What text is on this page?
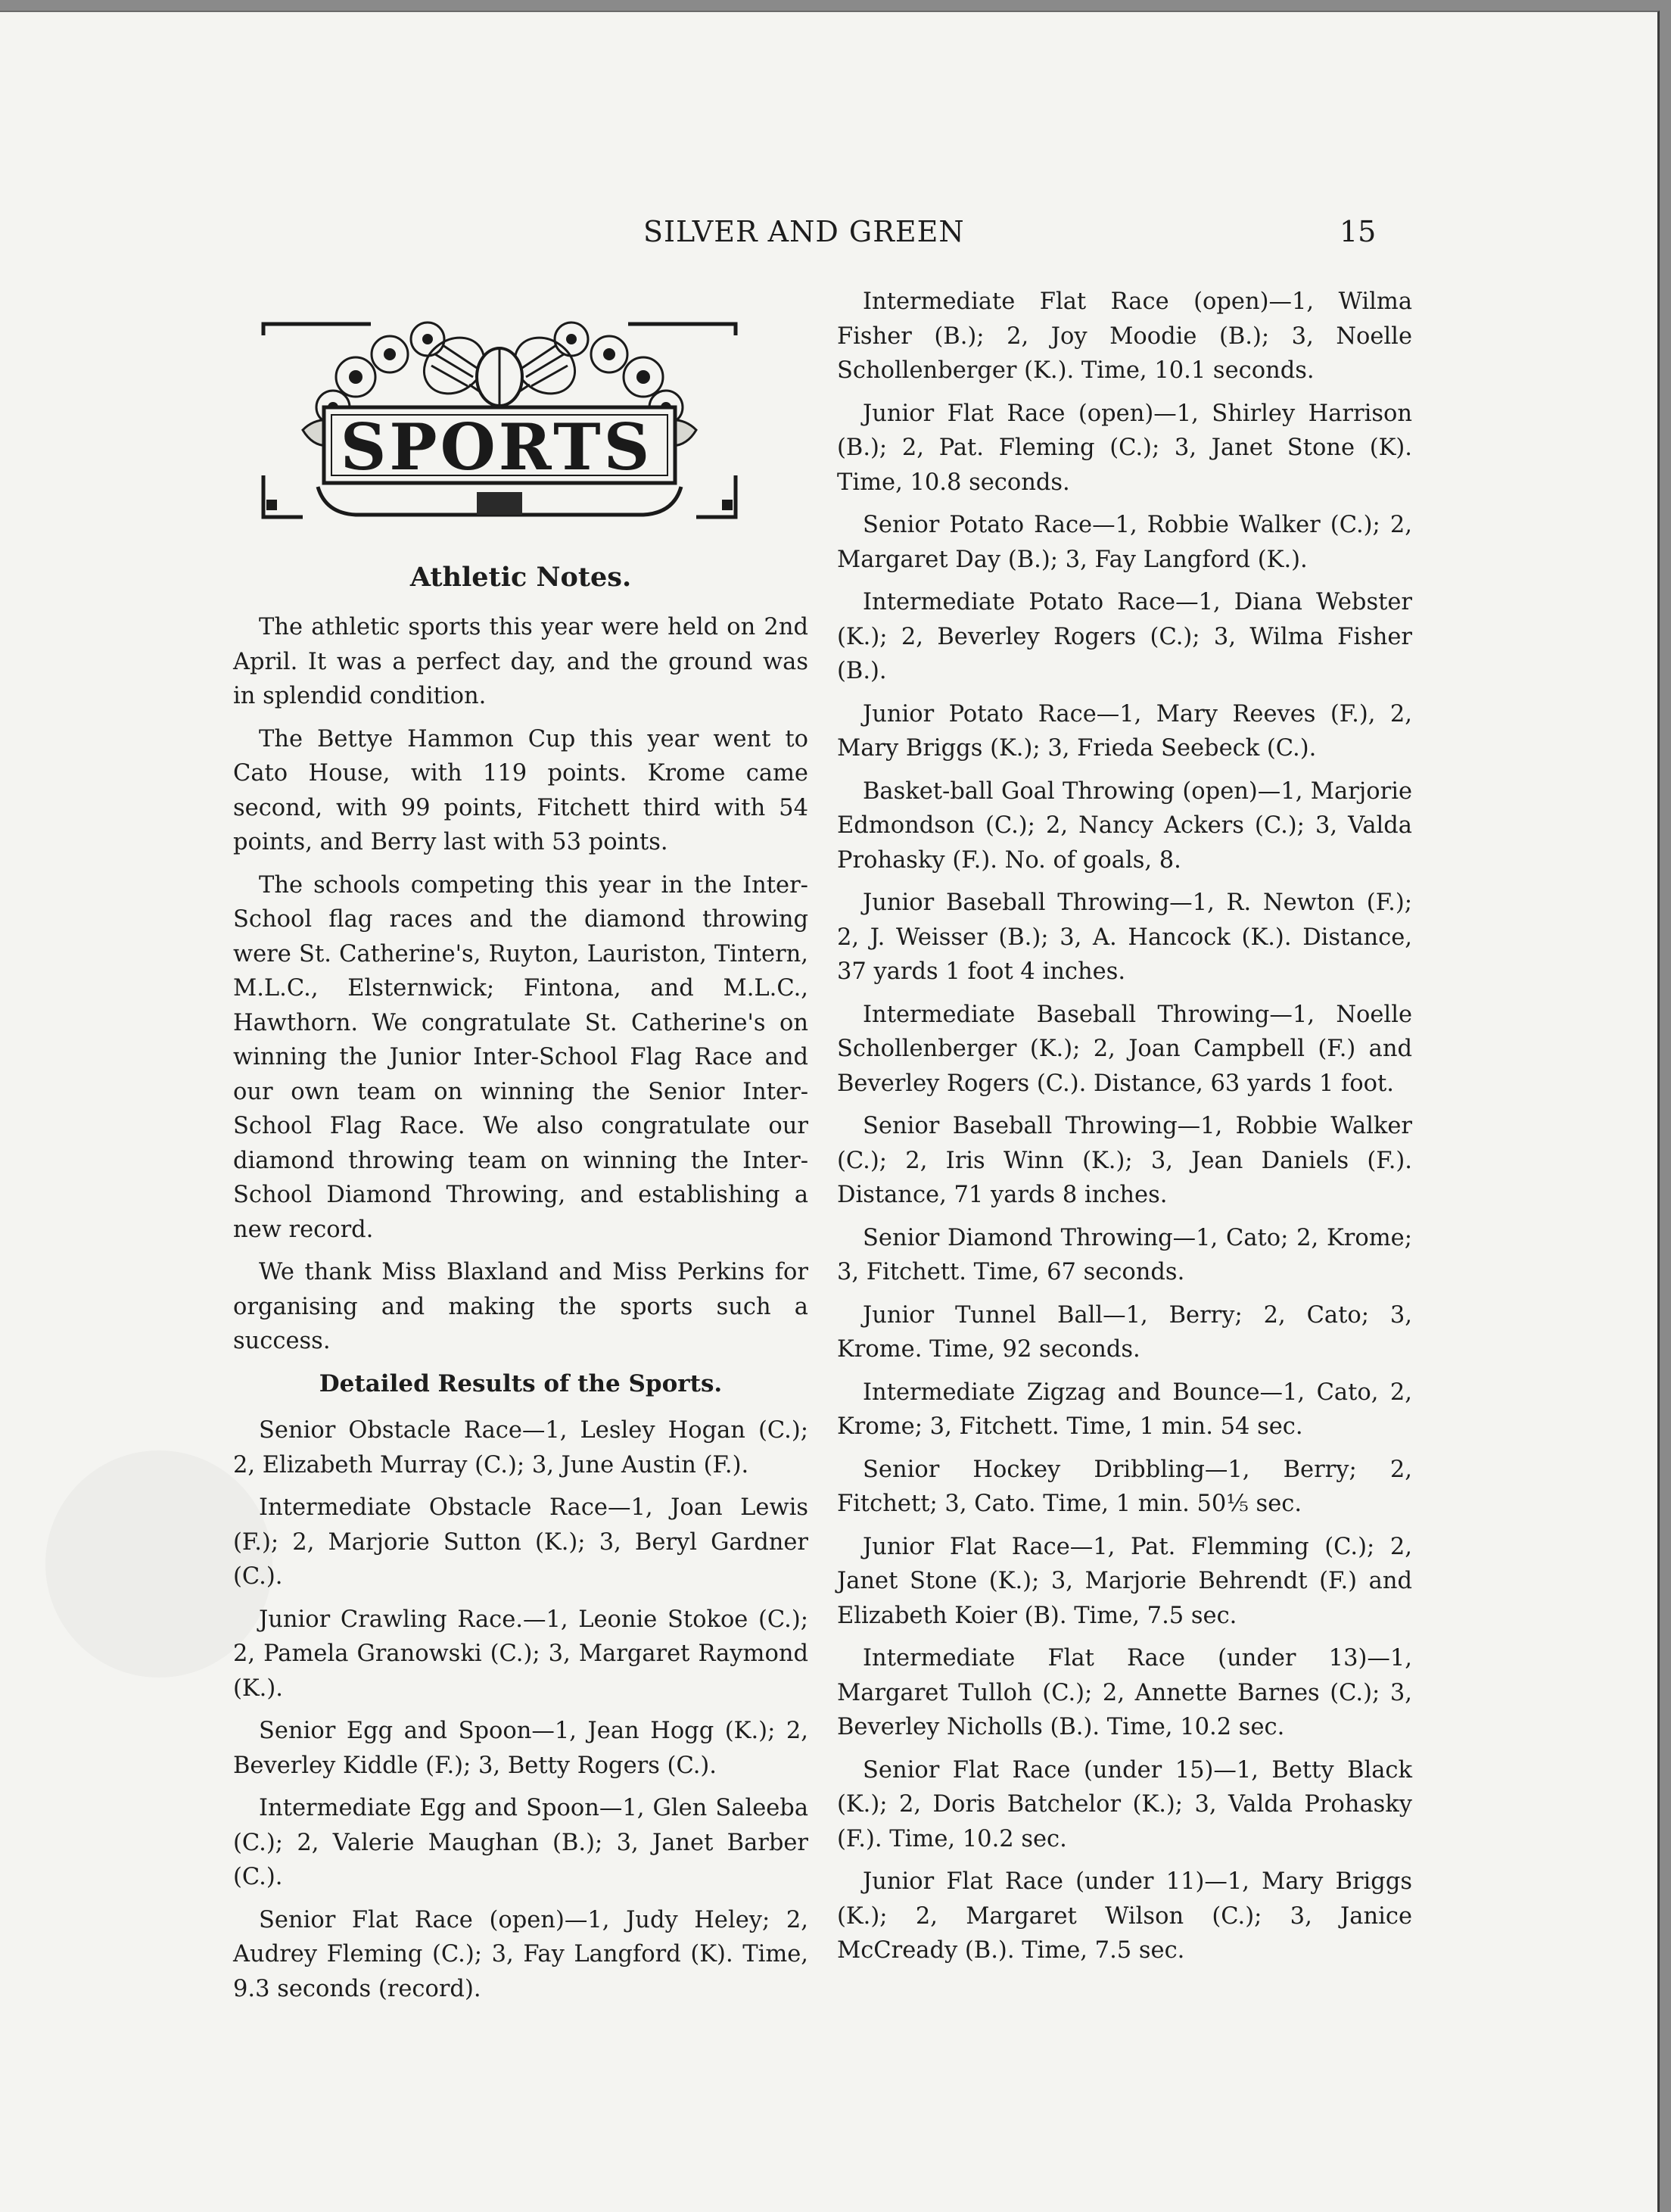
SILVER AND GREEN	15
SPORTS
Athletic Notes.

The athletic sports this year were held on 2nd April. It was a perfect day, and the ground was in splendid condition.

The Bettye Hammon Cup this year went to Cato House, with 119 points. Krome came second, with 99 points, Fitchett third with 54 points, and Berry last with 53 points.

The schools competing this year in the Inter-School flag races and the diamond throwing were St. Catherine's, Ruyton, Lauriston, Tintern, M.L.C., Elsternwick; Fintona, and M.L.C., Hawthorn. We congratulate St. Catherine's on winning the Junior Inter-School Flag Race and our own team on winning the Senior Inter-School Flag Race. We also congratulate our diamond throwing team on winning the Inter-School Diamond Throwing, and establishing a new record.

We thank Miss Blaxland and Miss Perkins for organising and making the sports such a success.

Detailed Results of the Sports.

Senior Obstacle Race—1, Lesley Hogan (C.); 2, Elizabeth Murray (C.); 3, June Austin (F.).

Intermediate Obstacle Race—1, Joan Lewis (F.); 2, Marjorie Sutton (K.); 3, Beryl Gardner (C.).

Junior Crawling Race.—1, Leonie Stokoe (C.); 2, Pamela Granowski (C.); 3, Margaret Raymond (K.).

Senior Egg and Spoon—1, Jean Hogg (K.); 2, Beverley Kiddle (F.); 3, Betty Rogers (C.).

Intermediate Egg and Spoon—1, Glen Saleeba (C.); 2, Valerie Maughan (B.); 3, Janet Barber (C.).

Senior Flat Race (open)—1, Judy Heley; 2, Audrey Fleming (C.); 3, Fay Langford (K). Time, 9.3 seconds (record).

Intermediate Flat Race (open)—1, Wilma Fisher (B.); 2, Joy Moodie (B.); 3, Noelle Schollenberger (K.). Time, 10.1 seconds.

Junior Flat Race (open)—1, Shirley Harrison (B.); 2, Pat. Fleming (C.); 3, Janet Stone (K). Time, 10.8 seconds.

Senior Potato Race—1, Robbie Walker (C.); 2, Margaret Day (B.); 3, Fay Langford (K.).

Intermediate Potato Race—1, Diana Webster (K.); 2, Beverley Rogers (C.); 3, Wilma Fisher (B.).

Junior Potato Race—1, Mary Reeves (F.), 2, Mary Briggs (K.); 3, Frieda Seebeck (C.).

Basket-ball Goal Throwing (open)—1, Marjorie Edmondson (C.); 2, Nancy Ackers (C.); 3, Valda Prohasky (F.). No. of goals, 8.

Junior Baseball Throwing—1, R. Newton (F.); 2, J. Weisser (B.); 3, A. Hancock (K.). Distance, 37 yards 1 foot 4 inches.

Intermediate Baseball Throwing—1, Noelle Schollenberger (K.); 2, Joan Campbell (F.) and Beverley Rogers (C.). Distance, 63 yards 1 foot.

Senior Baseball Throwing—1, Robbie Walker (C.); 2, Iris Winn (K.); 3, Jean Daniels (F.). Distance, 71 yards 8 inches.

Senior Diamond Throwing—1, Cato; 2, Krome; 3, Fitchett. Time, 67 seconds.

Junior Tunnel Ball—1, Berry; 2, Cato; 3, Krome. Time, 92 seconds.

Intermediate Zigzag and Bounce—1, Cato, 2, Krome; 3, Fitchett. Time, 1 min. 54 sec.

Senior Hockey Dribbling—1, Berry; 2, Fitchett; 3, Cato. Time, 1 min. 50⅕ sec.

Junior Flat Race—1, Pat. Flemming (C.); 2, Janet Stone (K.); 3, Marjorie Behrendt (F.) and Elizabeth Koier (B). Time, 7.5 sec.

Intermediate Flat Race (under 13)—1, Margaret Tulloh (C.); 2, Annette Barnes (C.); 3, Beverley Nicholls (B.). Time, 10.2 sec.

Senior Flat Race (under 15)—1, Betty Black (K.); 2, Doris Batchelor (K.); 3, Valda Prohasky (F.). Time, 10.2 sec.

Junior Flat Race (under 11)—1, Mary Briggs (K.); 2, Margaret Wilson (C.); 3, Janice McCready (B.). Time, 7.5 sec.
